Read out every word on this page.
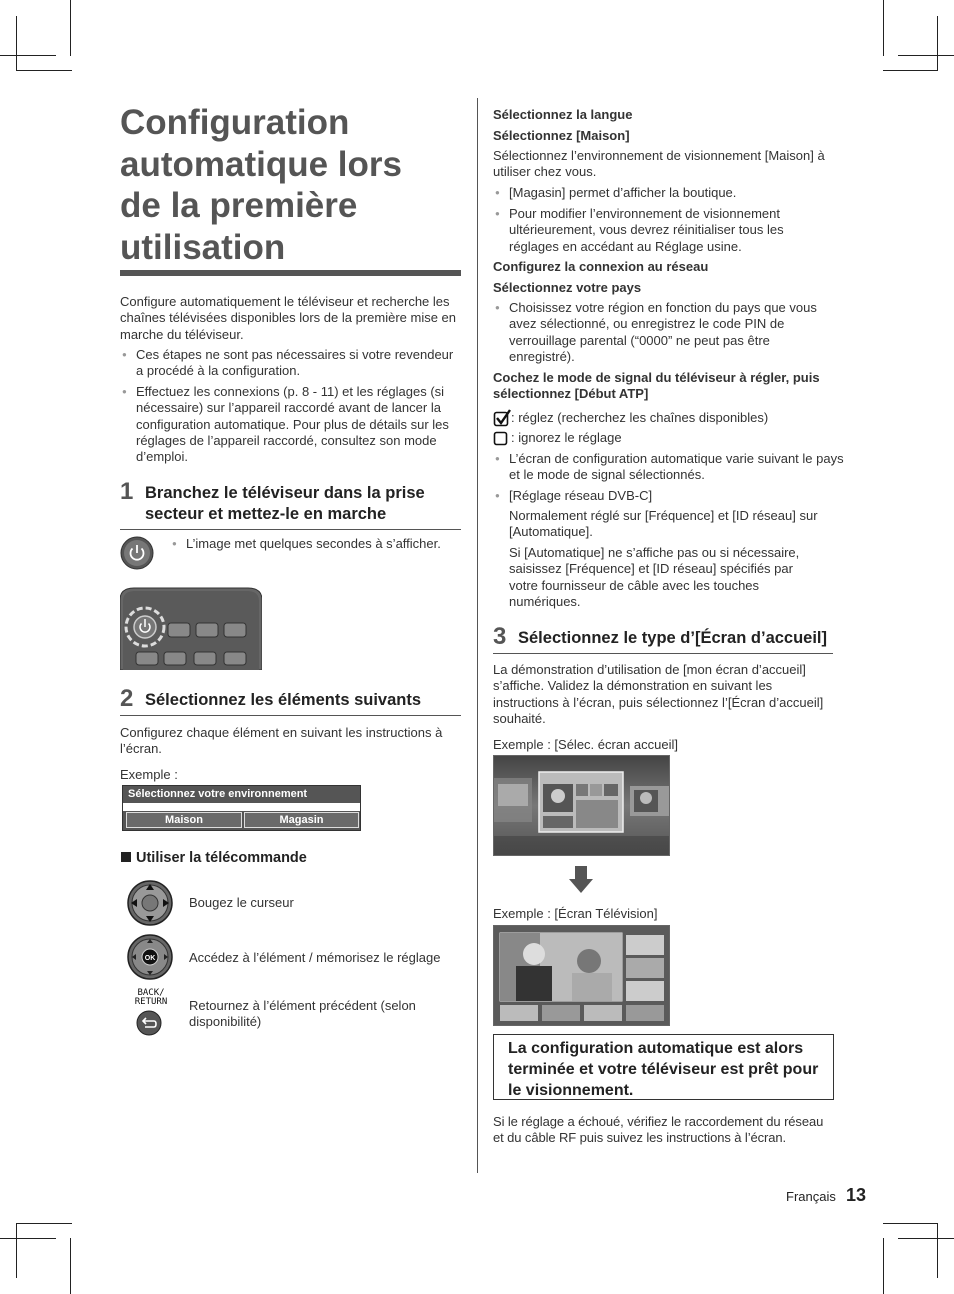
Configuration
automatique lors
de la première
utilisation

Configure automatiquement le téléviseur et recherche les chaînes télévisées disponibles lors de la première mise en marche du téléviseur.

● Ces étapes ne sont pas nécessaires si votre revendeur a procédé à la configuration.
● Effectuez les connexions (p. 8 - 11) et les réglages (si nécessaire) sur l’appareil raccordé avant de lancer la configuration automatique. Pour plus de détails sur les réglages de l’appareil raccordé, consultez son mode d’emploi.
1 Branchez le téléviseur dans la prise secteur et mettez-le en marche
● L’image met quelques secondes à s’afficher.
2 Sélectionnez les éléments suivants

Configurez chaque élément en suivant les instructions à l’écran.

Exemple :

Sélectionnez votre environnement
Maison	Magasin
Utiliser la télécommande

Bougez le curseur

OK	Accédez à l’élément / mémorisez le réglage

BACK/
RETURN Retournez à l’élément précédent (selon disponibilité)

Sélectionnez la langue
Sélectionnez [Maison]

Sélectionnez l’environnement de visionnement [Maison] à utiliser chez vous.

● [Magasin] permet d’afficher la boutique.
● Pour modifier l’environnement de visionnement ultérieurement, vous devrez réinitialiser tous les réglages en accédant au Réglage usine.
Configurez la connexion au réseau
Sélectionnez votre pays
● Choisissez votre région en fonction du pays que vous avez sélectionné, ou enregistrez le code PIN de verrouillage parental (“0000” ne peut pas être enregistré).
Cochez le mode de signal du téléviseur à régler, puis sélectionnez [Début ATP]

: réglez (recherchez les chaînes disponibles)

: ignorez le réglage

● L’écran de configuration automatique varie suivant le pays et le mode de signal sélectionnés.
● [Réglage réseau DVB-C]

Normalement réglé sur [Fréquence] et [ID réseau] sur [Automatique].

Si [Automatique] ne s’affiche pas ou si nécessaire, saisissez [Fréquence] et [ID réseau] spécifiés par votre fournisseur de câble avec les touches numériques.

3 Sélectionnez le type d’[Écran d’accueil]

La démonstration d’utilisation de [mon écran d’accueil] s’affiche. Validez la démonstration en suivant les instructions à l’écran, puis sélectionnez l’[Écran d’accueil] souhaité.

Exemple : [Sélec. écran accueil]

Exemple : [Écran Télévision]

La configuration automatique est alors terminée et votre téléviseur est prêt pour le visionnement.

Si le réglage a échoué, vérifiez le raccordement du réseau et du câble RF puis suivez les instructions à l’écran.

Français 13
